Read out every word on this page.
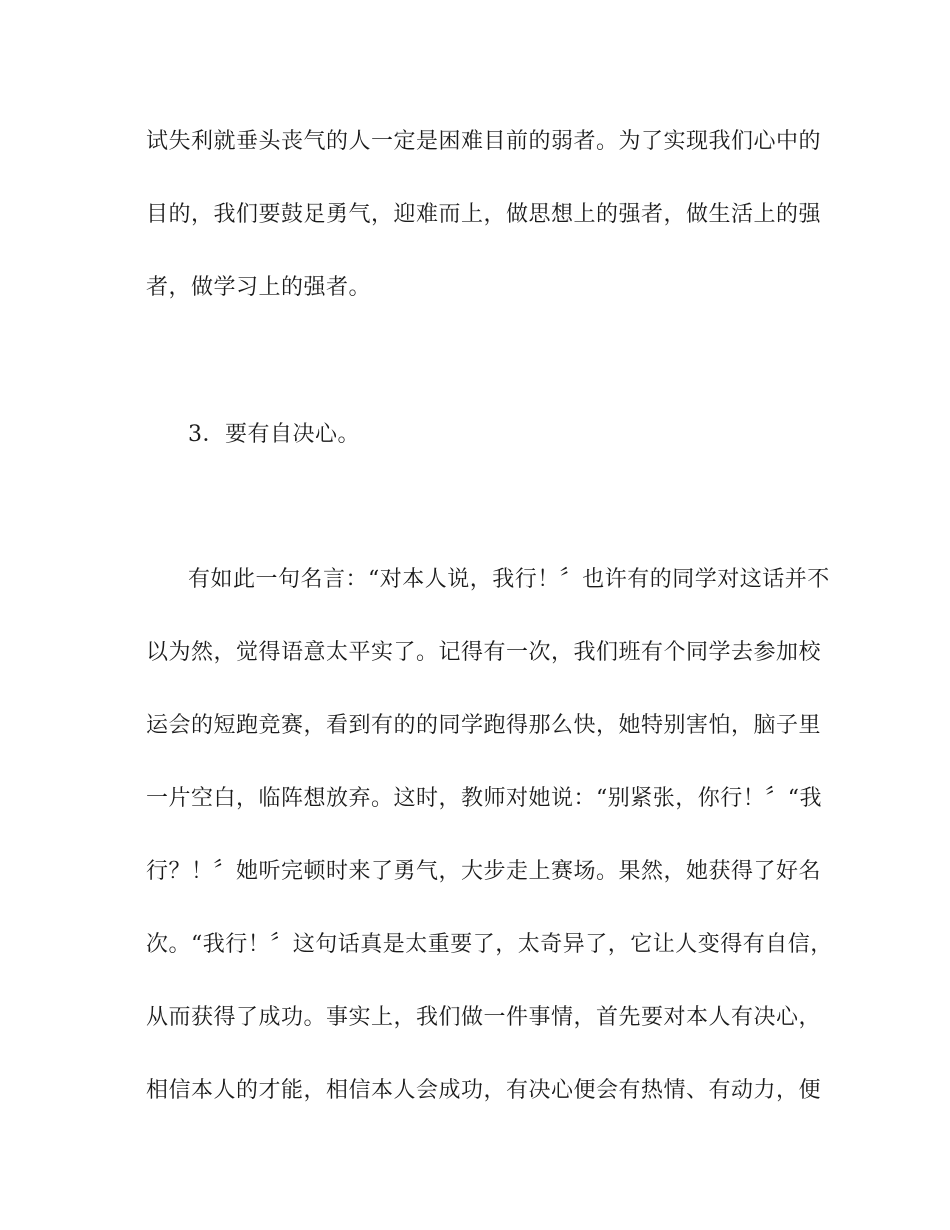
试失利就垂头丧气的人一定是困难目前的弱者。为了实现我们心中的
目的，我们要鼓足勇气，迎难而上，做思想上的强者，做生活上的强
者，做学习上的强者。
3．要有自决心。
有如此一句名言：“对本人说，我行！〞也许有的同学对这话并不
以为然，觉得语意太平实了。记得有一次，我们班有个同学去参加校
运会的短跑竞赛，看到有的的同学跑得那么快，她特别害怕，脑子里
一片空白，临阵想放弃。这时，教师对她说：“别紧张，你行！〞“我
行？！〞她听完顿时来了勇气，大步走上赛场。果然，她获得了好名
次。“我行！〞这句话真是太重要了，太奇异了，它让人变得有自信，
从而获得了成功。事实上，我们做一件事情，首先要对本人有决心，
相信本人的才能，相信本人会成功，有决心便会有热情、有动力，便
